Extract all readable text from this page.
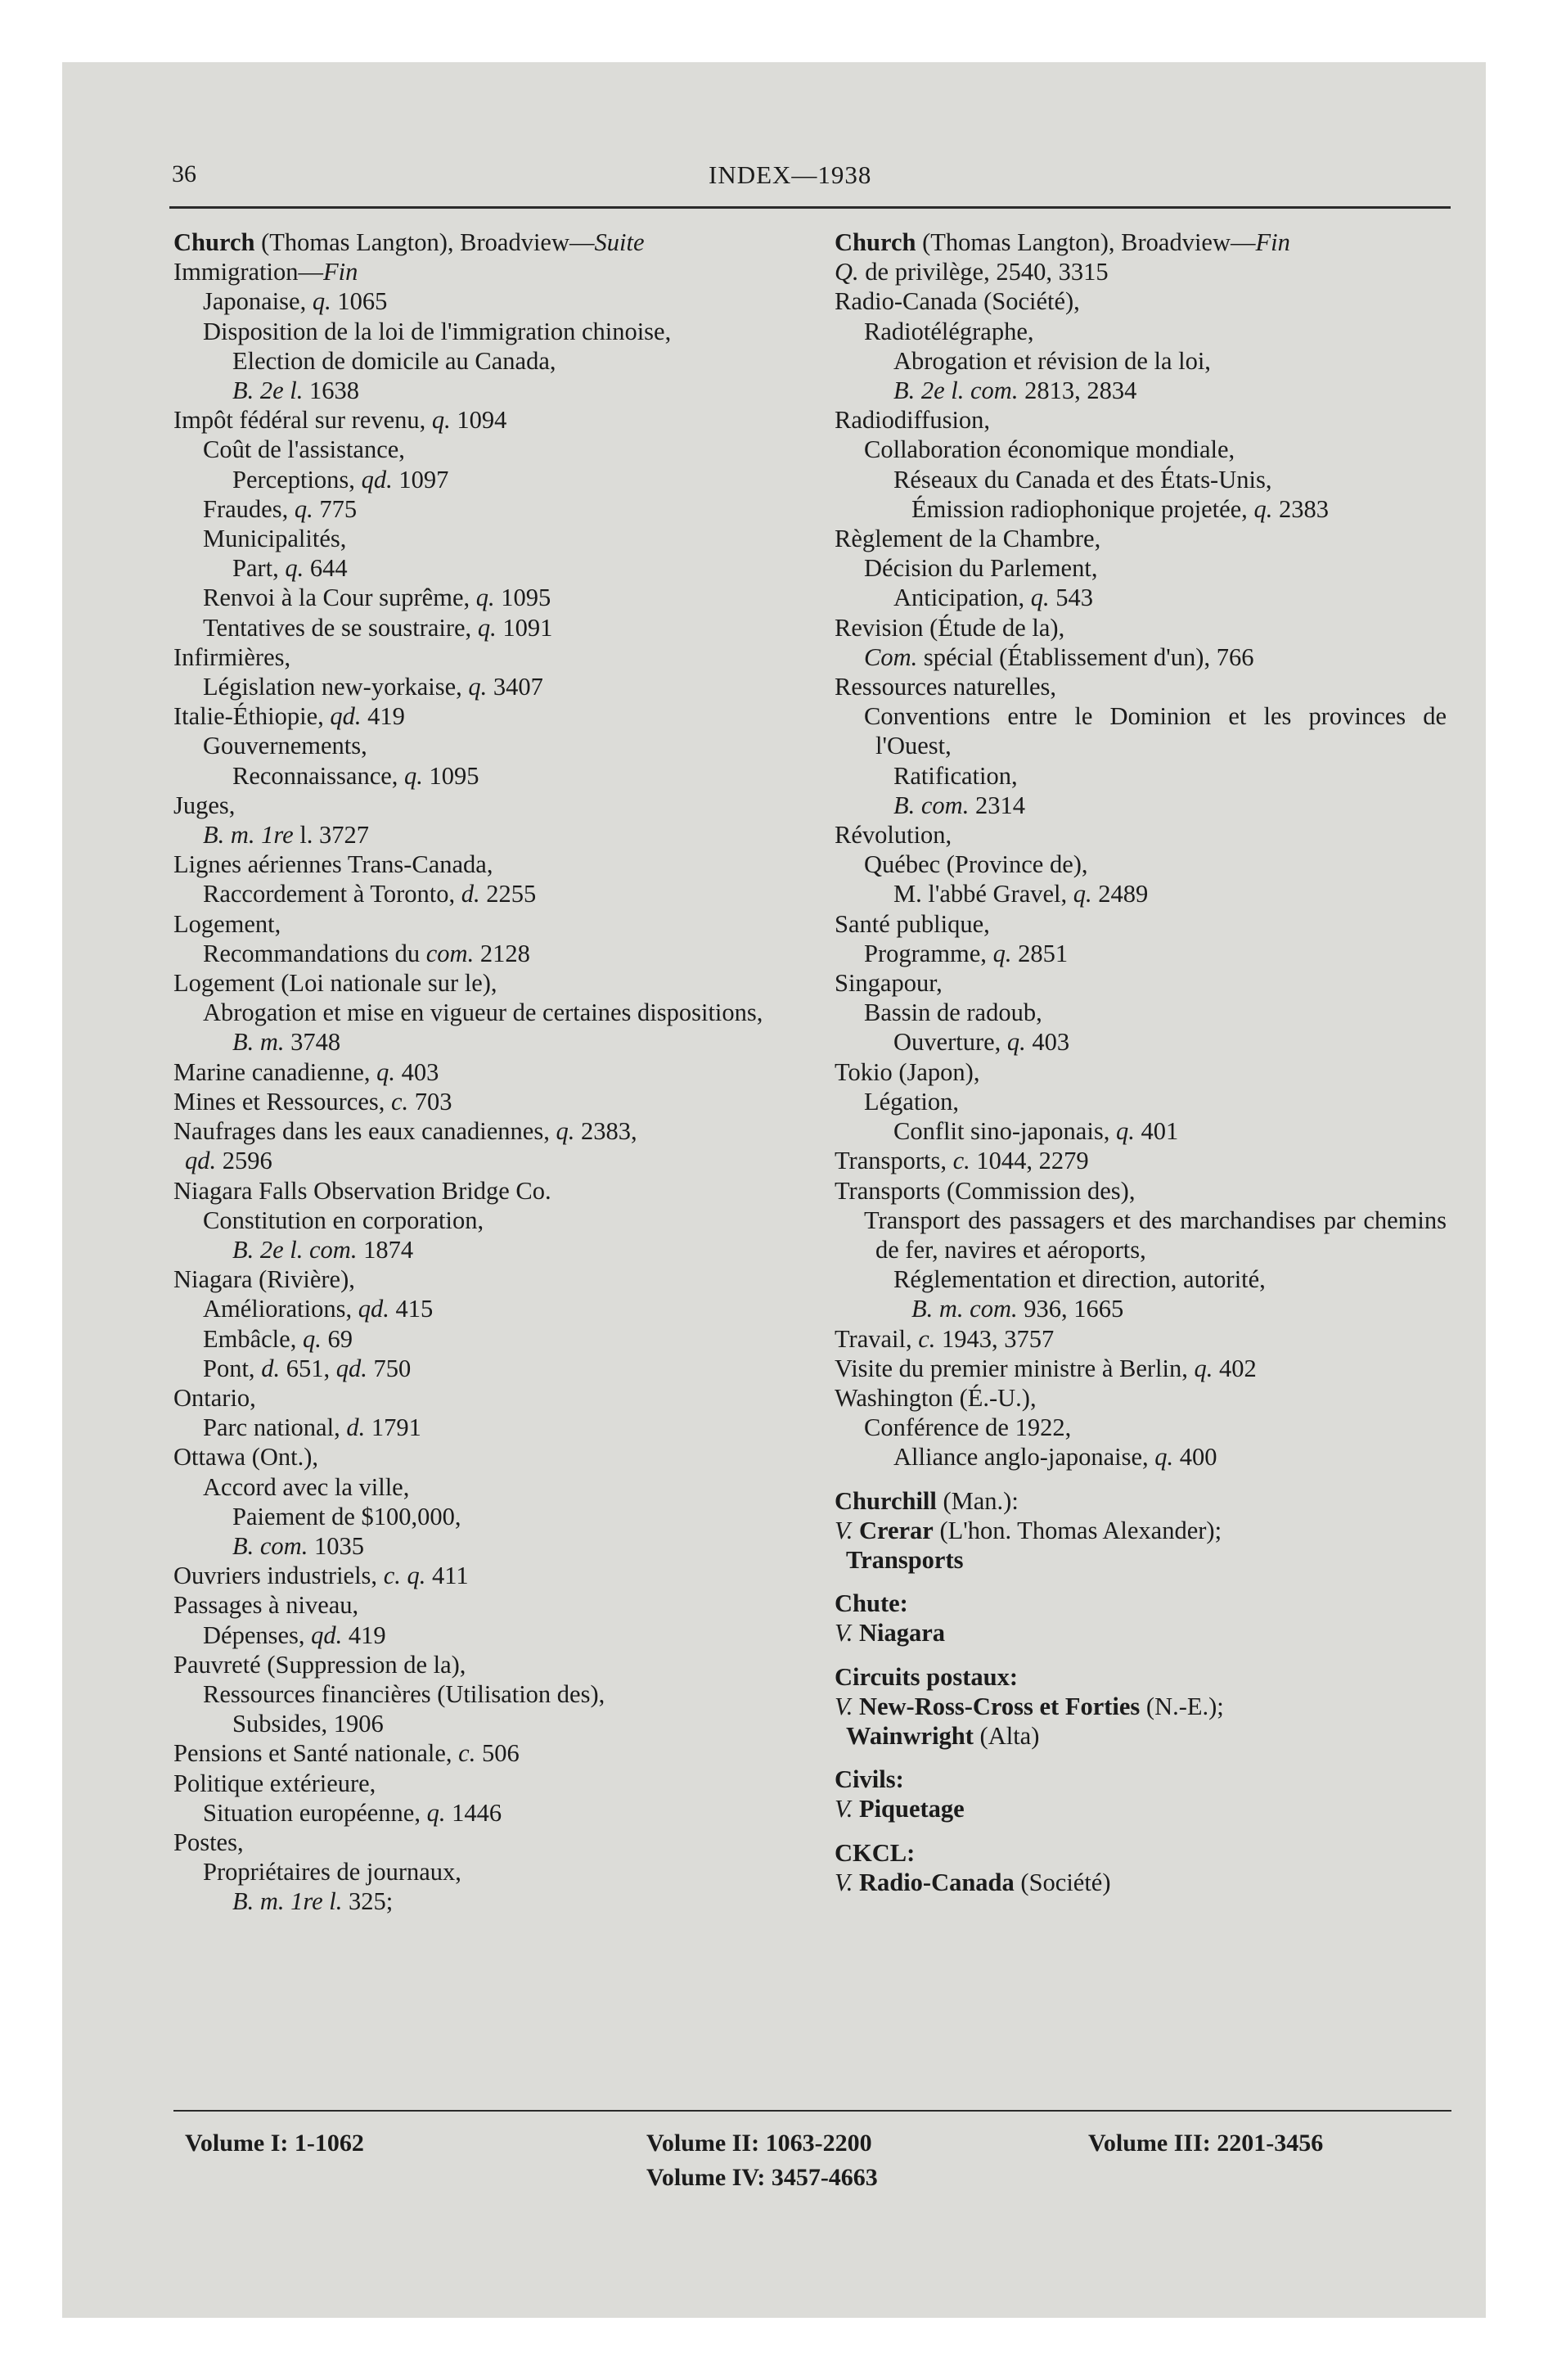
36	INDEX—1938
Church (Thomas Langton), Broadview—Suite
Immigration—Fin
Japonaise, q. 1065
Disposition de la loi de l'immigration chinoise,
Election de domicile au Canada,
B. 2e l. 1638
Impôt fédéral sur revenu, q. 1094
Coût de l'assistance,
Perceptions, qd. 1097
Fraudes, q. 775
Municipalités,
Part, q. 644
Renvoi à la Cour suprême, q. 1095
Tentatives de se soustraire, q. 1091
Infirmières,
Législation new-yorkaise, q. 3407
Italie-Éthiopie, qd. 419
Gouvernements,
Reconnaissance, q. 1095
Juges,
B. m. 1re l. 3727
Lignes aériennes Trans-Canada,
Raccordement à Toronto, d. 2255
Logement,
Recommandations du com. 2128
Logement (Loi nationale sur le),
Abrogation et mise en vigueur de certaines dispositions,
B. m. 3748
Marine canadienne, q. 403
Mines et Ressources, c. 703
Naufrages dans les eaux canadiennes, q. 2383,
qd. 2596
Niagara Falls Observation Bridge Co.
Constitution en corporation,
B. 2e l. com. 1874
Niagara (Rivière),
Améliorations, qd. 415
Embâcle, q. 69
Pont, d. 651, qd. 750
Ontario,
Parc national, d. 1791
Ottawa (Ont.),
Accord avec la ville,
Paiement de $100,000,
B. com. 1035
Ouvriers industriels, c. q. 411
Passages à niveau,
Dépenses, qd. 419
Pauvreté (Suppression de la),
Ressources financières (Utilisation des),
Subsides, 1906
Pensions et Santé nationale, c. 506
Politique extérieure,
Situation européenne, q. 1446
Postes,
Propriétaires de journaux,
B. m. 1re l. 325;
Church (Thomas Langton), Broadview—Fin
Q. de privilège, 2540, 3315
Radio-Canada (Société),
Radiotélégraphe,
Abrogation et révision de la loi,
B. 2e l. com. 2813, 2834
Radiodiffusion,
Collaboration économique mondiale,
Réseaux du Canada et des États-Unis,
Émission radiophonique projetée, q. 2383
Règlement de la Chambre,
Décision du Parlement,
Anticipation, q. 543
Revision (Étude de la),
Com. spécial (Établissement d'un), 766
Ressources naturelles,
Conventions entre le Dominion et les provinces de l'Ouest,
Ratification,
B. com. 2314
Révolution,
Québec (Province de),
M. l'abbé Gravel, q. 2489
Santé publique,
Programme, q. 2851
Singapour,
Bassin de radoub,
Ouverture, q. 403
Tokio (Japon),
Légation,
Conflit sino-japonais, q. 401
Transports, c. 1044, 2279
Transports (Commission des),
Transport des passagers et des marchandises par chemins de fer, navires et aéroports,
Réglementation et direction, autorité,
B. m. com. 936, 1665
Travail, c. 1943, 3757
Visite du premier ministre à Berlin, q. 402
Washington (É.-U.),
Conférence de 1922,
Alliance anglo-japonaise, q. 400
Churchill (Man.):
V. Crerar (L'hon. Thomas Alexander);
Transports
Chute:
V. Niagara
Circuits postaux:
V. New-Ross-Cross et Forties (N.-E.);
Wainwright (Alta)
Civils:
V. Piquetage
CKCL:
V. Radio-Canada (Société)
Volume I: 1-1062	Volume II: 1063-2200
Volume IV: 3457-4663
Volume III: 2201-3456
